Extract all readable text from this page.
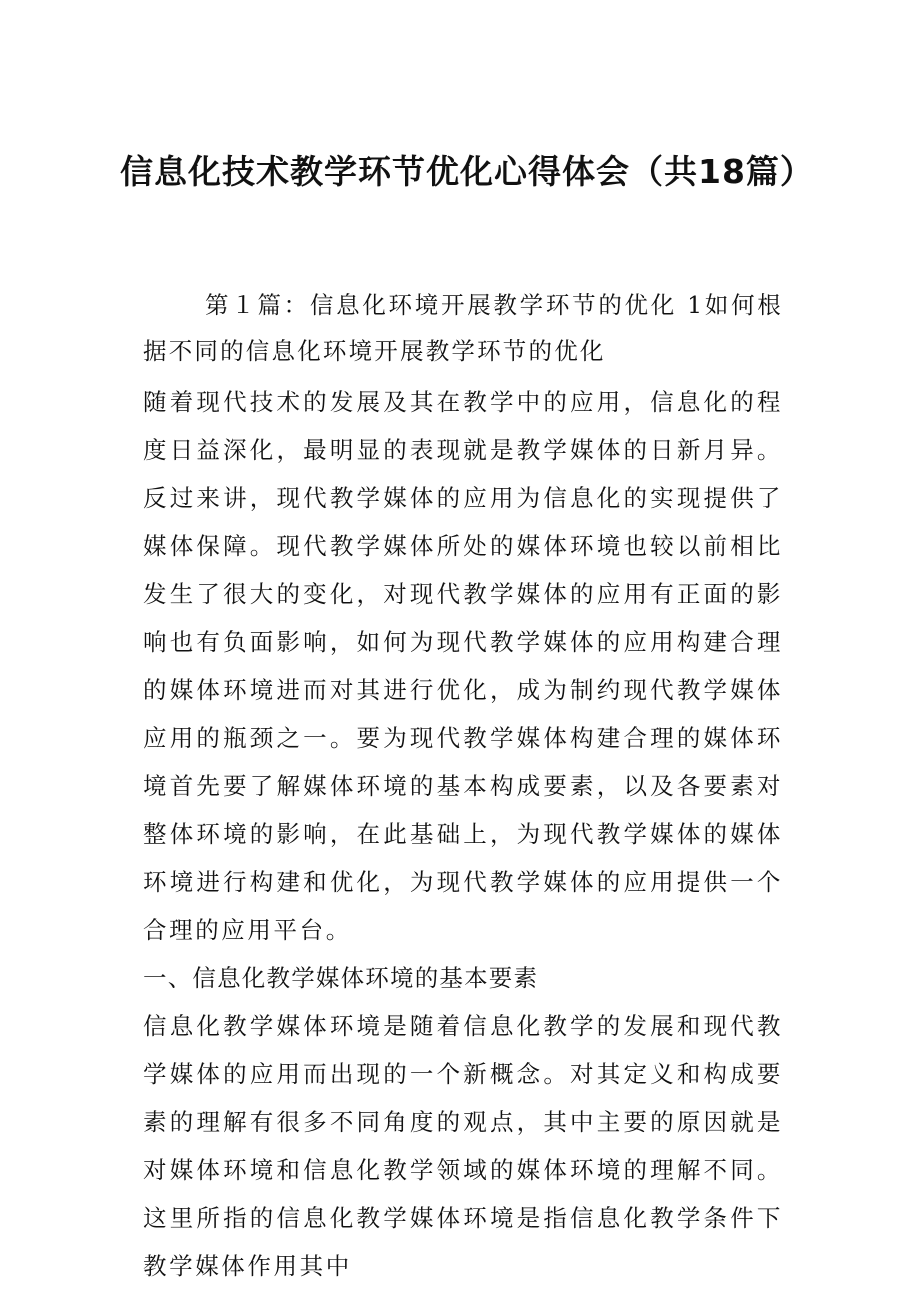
信息化技术教学环节优化心得体会（共18篇）

第１篇：信息化环境开展教学环节的优化 1如何根据不同的信息化环境开展教学环节的优化

随着现代技术的发展及其在教学中的应用，信息化的程度日益深化，最明显的表现就是教学媒体的日新月异。反过来讲，现代教学媒体的应用为信息化的实现提供了媒体保障。现代教学媒体所处的媒体环境也较以前相比发生了很大的变化，对现代教学媒体的应用有正面的影响也有负面影响，如何为现代教学媒体的应用构建合理的媒体环境进而对其进行优化，成为制约现代教学媒体应用的瓶颈之一。要为现代教学媒体构建合理的媒体环境首先要了解媒体环境的基本构成要素，以及各要素对整体环境的影响，在此基础上，为现代教学媒体的媒体环境进行构建和优化，为现代教学媒体的应用提供一个合理的应用平台。

一、信息化教学媒体环境的基本要素

信息化教学媒体环境是随着信息化教学的发展和现代教学媒体的应用而出现的一个新概念。对其定义和构成要素的理解有很多不同角度的观点，其中主要的原因就是对媒体环境和信息化教学领域的媒体环境的理解不同。这里所指的信息化教学媒体环境是指信息化教学条件下教学媒体作用其中
